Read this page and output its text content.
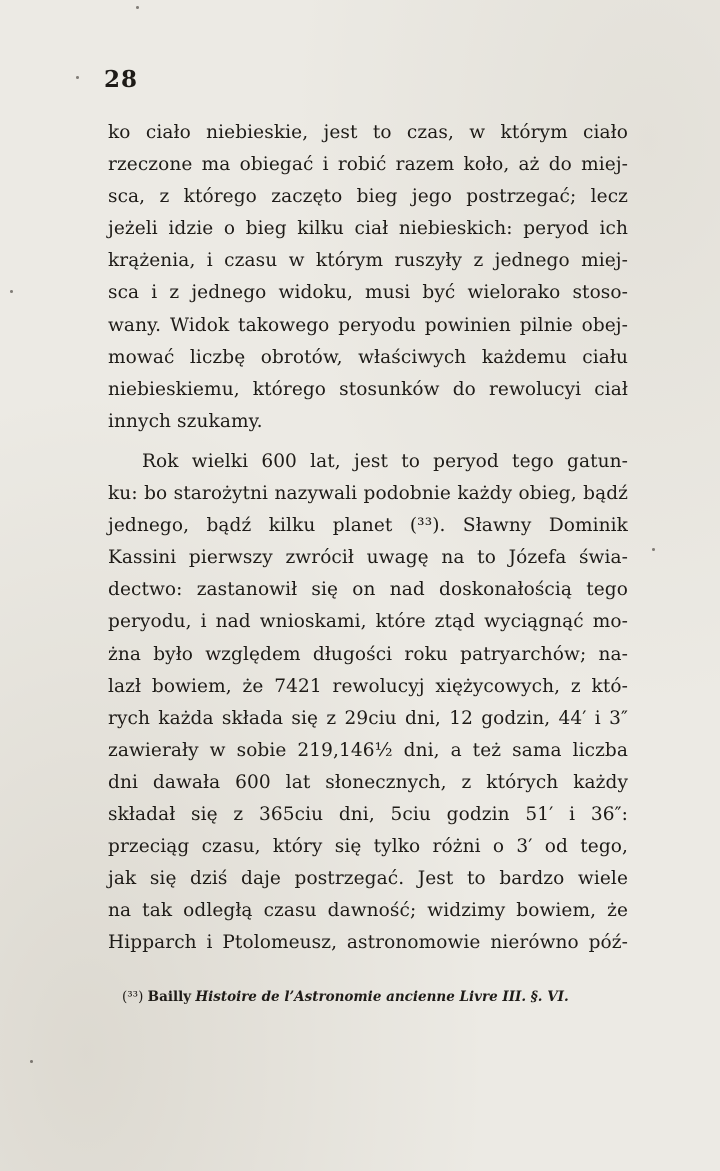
28
ko ciało niebieskie, jest to czas, w którym ciało
rzeczone ma obiegać i robić razem koło, aż do miej-
sca, z którego zaczęto bieg jego postrzegać; lecz
jeżeli idzie o bieg kilku ciał niebieskich: peryod ich
krążenia, i czasu w którym ruszyły z jednego miej-
sca i z jednego widoku, musi być wielorako stoso-
wany. Widok takowego peryodu powinien pilnie obej-
mować liczbę obrotów, właściwych każdemu ciału
niebieskiemu, którego stosunków do rewolucyi ciał
innych szukamy.
Rok wielki 600 lat, jest to peryod tego gatun-
ku: bo starożytni nazywali podobnie każdy obieg, bądź
jednego, bądź kilku planet (³³). Sławny Dominik
Kassini pierwszy zwrócił uwagę na to Józefa świa-
dectwo: zastanowił się on nad doskonałością tego
peryodu, i nad wnioskami, które ztąd wyciągnąć mo-
żna było względem długości roku patryarchów; na-
lazł bowiem, że 7421 rewolucyj xiężycowych, z któ-
rych każda składa się z 29ciu dni, 12 godzin, 44′ i 3″
zawierały w sobie 219,146½ dni, a też sama liczba
dni dawała 600 lat słonecznych, z których każdy
składał się z 365ciu dni, 5ciu godzin 51′ i 36″:
przeciąg czasu, który się tylko różni o 3′ od tego,
jak się dziś daje postrzegać. Jest to bardzo wiele
na tak odległą czasu dawność; widzimy bowiem, że
Hipparch i Ptolomeusz, astronomowie nierówno póź-
(³³) Bailly Histoire de l’Astronomie ancienne Livre III. §. VI.
